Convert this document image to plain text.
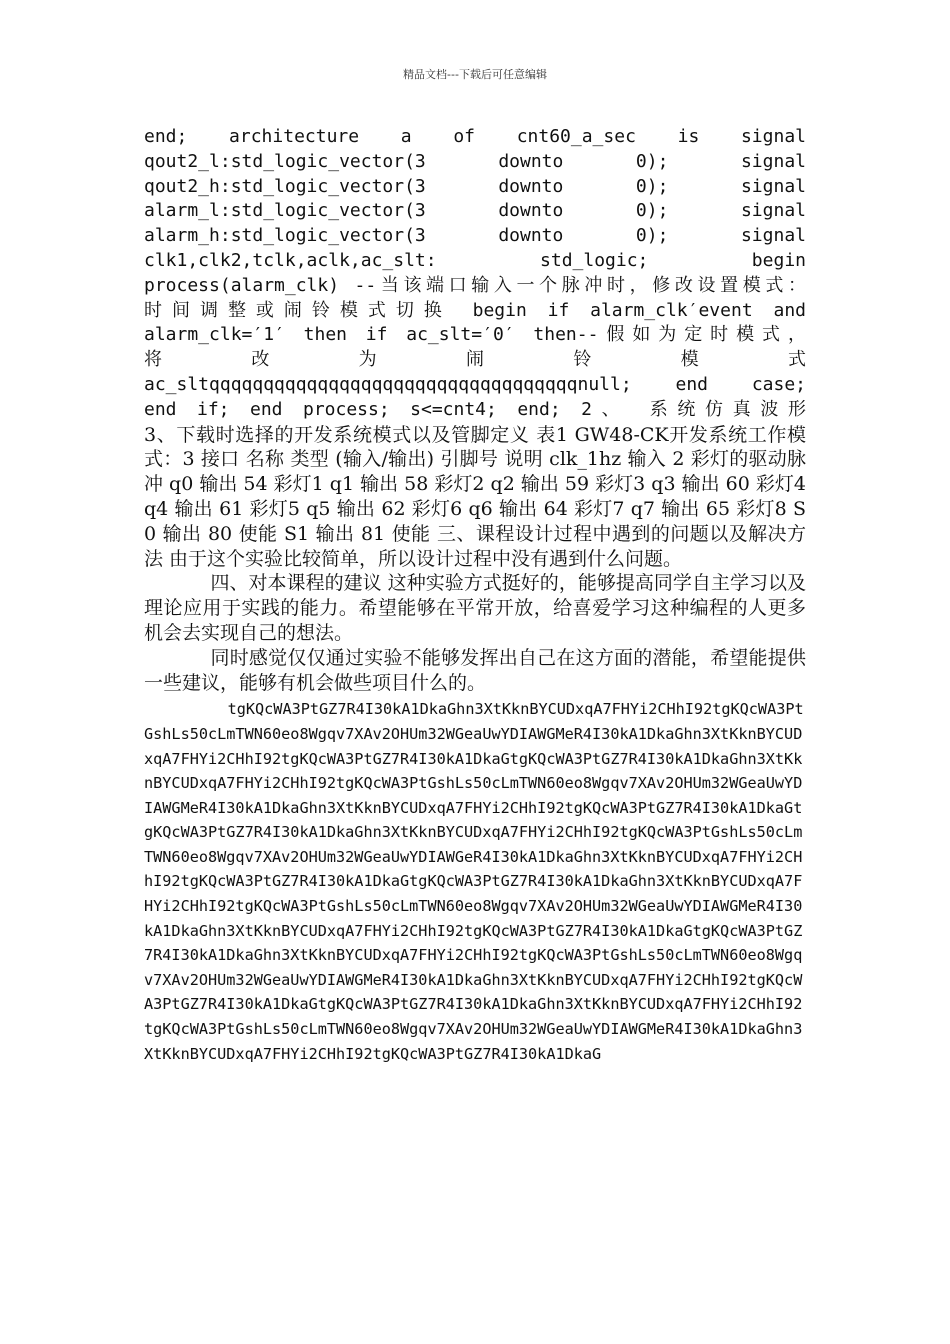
精品文档---下载后可任意编辑
end; architecture a of cnt60_a_sec is signal
qout2_l:std_logic_vector(3 downto 0); signal
qout2_h:std_logic_vector(3 downto 0); signal
alarm_l:std_logic_vector(3 downto 0); signal
alarm_h:std_logic_vector(3 downto 0); signal
clk1,clk2,tclk,aclk,ac_slt: std_logic; begin
process(alarm_clk) --当该端口输入一个脉冲时，修改设置模式：
时间调整或闹铃模式切换 begin if alarm_clk′event and
alarm_clk=′1′ then if ac_slt=′0′ then--假如为定时模式，
将 改 为 闹 铃 模 式
ac_sltqqqqqqqqqqqqqqqqqqqqqqqqqqqqqqqqqqnull; end case;
end if; end process; s<=cnt4; end; 2、 系统仿真波形

3、下载时选择的开发系统模式以及管脚定义 表1 GW48-CK开发系统工作模式：3 接口 名称 类型 (输入/输出) 引脚号 说明 clk_1hz 输入 2 彩灯的驱动脉冲 q0 输出 54 彩灯1 q1 输出 58 彩灯2 q2 输出 59 彩灯3 q3 输出 60 彩灯4 q4 输出 61 彩灯5 q5 输出 62 彩灯6 q6 输出 64 彩灯7 q7 输出 65 彩灯8 S0 输出 80 使能 S1 输出 81 使能 三、课程设计过程中遇到的问题以及解决方法 由于这个实验比较简单，所以设计过程中没有遇到什么问题。

四、对本课程的建议 这种实验方式挺好的，能够提高同学自主学习以及理论应用于实践的能力。希望能够在平常开放，给喜爱学习这种编程的人更多机会去实现自己的想法。

同时感觉仅仅通过实验不能够发挥出自己在这方面的潜能，希望能提供一些建议，能够有机会做些项目什么的。

tgKQcWA3PtGZ7R4I30kA1DkaGhn3XtKknBYCUDxqA7FHYi2CHhI92tgKQcWA3PtGshLs50cLmTWN60eo8Wgqv7XAv2OHUm32WGeaUwYDIAWGMeR4I30kA1DkaGhn3XtKknBYCUDxqA7FHYi2CHhI92tgKQcWA3PtGZ7R4I30kA1DkaGtgKQcWA3PtGZ7R4I30kA1DkaGhn3XtKknBYCUDxqA7FHYi2CHhI92tgKQcWA3PtGshLs50cLmTWN60eo8Wgqv7XAv2OHUm32WGeaUwYDIAWGMeR4I30kA1DkaGhn3XtKknBYCUDxqA7FHYi2CHhI92tgKQcWA3PtGZ7R4I30kA1DkaGtgKQcWA3PtGZ7R4I30kA1DkaGhn3XtKknBYCUDxqA7FHYi2CHhI92tgKQcWA3PtGshLs50cLmTWN60eo8Wgqv7XAv2OHUm32WGeaUwYDIAWGeR4I30kA1DkaGhn3XtKknBYCUDxqA7FHYi2CHhI92tgKQcWA3PtGZ7R4I30kA1DkaGtgKQcWA3PtGZ7R4I30kA1DkaGhn3XtKknBYCUDxqA7FHYi2CHhI92tgKQcWA3PtGshLs50cLmTWN60eo8Wgqv7XAv2OHUm32WGeaUwYDIAWGMeR4I30kA1DkaGhn3XtKknBYCUDxqA7FHYi2CHhI92tgKQcWA3PtGZ7R4I30kA1DkaGtgKQcWA3PtGZ7R4I30kA1DkaGhn3XtKknBYCUDxqA7FHYi2CHhI92tgKQcWA3PtGshLs50cLmTWN60eo8Wgqv7XAv2OHUm32WGeaUwYDIAWGMeR4I30kA1DkaGhn3XtKknBYCUDxqA7FHYi2CHhI92tgKQcWA3PtGZ7R4I30kA1DkaGtgKQcWA3PtGZ7R4I30kA1DkaGhn3XtKknBYCUDxqA7FHYi2CHhI92tgKQcWA3PtGshLs50cLmTWN60eo8Wgqv7XAv2OHUm32WGeaUwYDIAWGMeR4I30kA1DkaGhn3XtKknBYCUDxqA7FHYi2CHhI92tgKQcWA3PtGZ7R4I30kA1DkaG
